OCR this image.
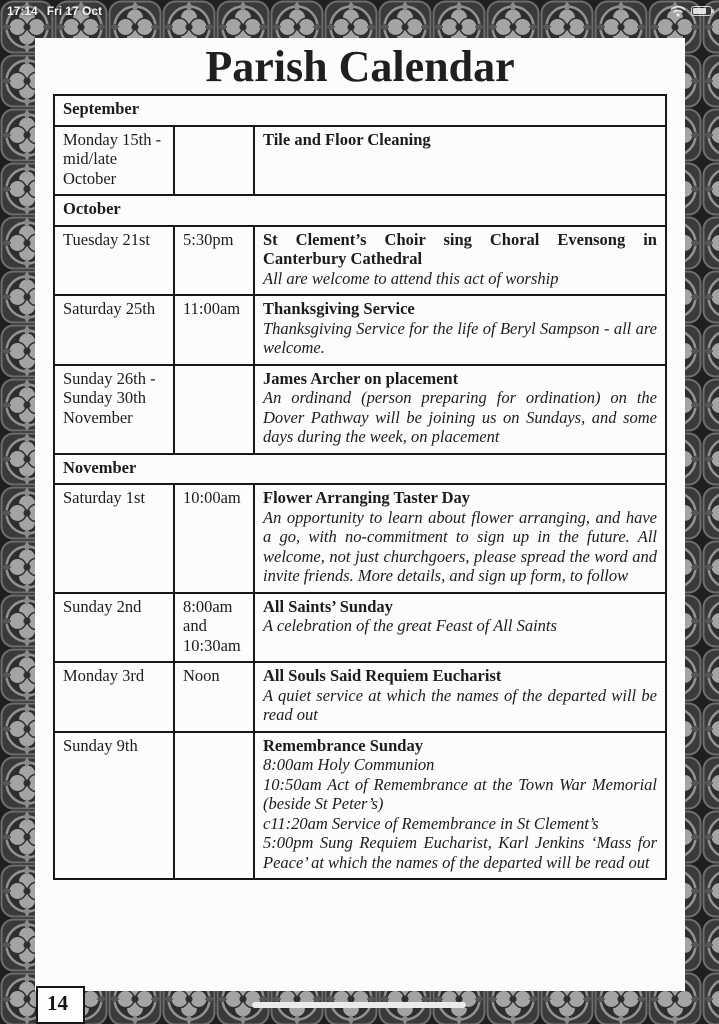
17:14 Fri 17 Oct
Parish Calendar
September		
Monday 15th - mid/late October		Tile and Floor Cleaning

October		
Tuesday 21st	5:30pm	St Clement’s Choir sing Choral Evensong in Canterbury Cathedral
All are welcome to attend this act of worship

Saturday 25th	11:00am	Thanksgiving Service
Thanksgiving Service for the life of Beryl Sampson - all are welcome.

Sunday 26th -Sunday 30th November		James Archer on placement
An ordinand (person preparing for ordination) on the Dover Pathway will be joining us on Sundays, and some days during the week, on placement

November		
Saturday 1st	10:00am	Flower Arranging Taster Day
An opportunity to learn about flower arranging, and have a go, with no-commitment to sign up in the future. All welcome, not just churchgoers, please spread the word and invite friends. More details, and sign up form, to follow

Sunday 2nd	8:00am and 10:30am	All Saints’ Sunday
A celebration of the great Feast of All Saints

Monday 3rd	Noon	All Souls Said Requiem Eucharist
A quiet service at which the names of the departed will be read out

Sunday 9th		Remembrance Sunday
8:00am Holy Communion
10:50am Act of Remembrance at the Town War Memorial (beside St Peter’s)
c11:20am Service of Remembrance in St Clement’s
5:00pm Sung Requiem Eucharist, Karl Jenkins ‘Mass for Peace’ at which the names of the departed will be read out
14
